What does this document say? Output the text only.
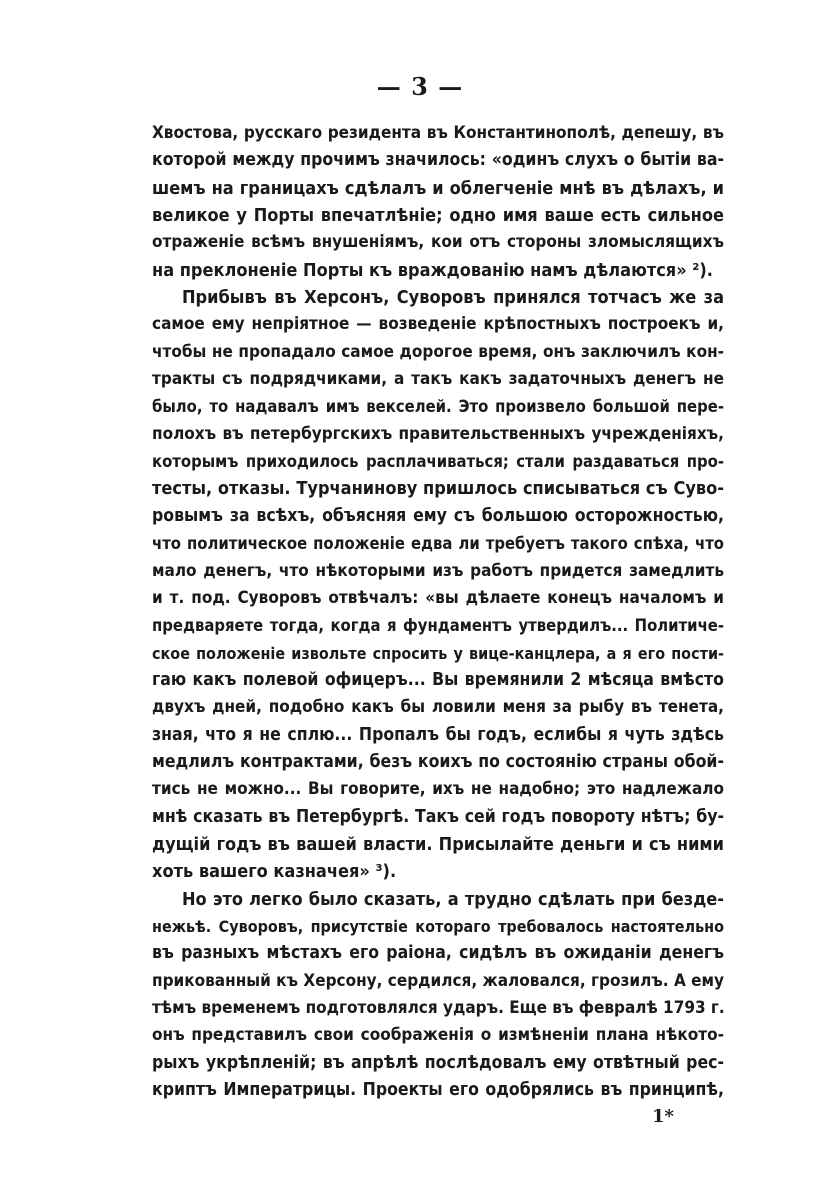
— 3 —
Хвостова, русскаго резидента въ Константинополѣ, депешу, въ
которой между прочимъ значилось: «одинъ слухъ о бытіи ва-
шемъ на границахъ сдѣлалъ и облегченіе мнѣ въ дѣлахъ, и
великое у Порты впечатлѣніе; одно имя ваше есть сильное
отраженіе всѣмъ внушеніямъ, кои отъ стороны зломыслящихъ
на преклоненіе Порты къ враждованію намъ дѣлаются» ²).
Прибывъ въ Херсонъ, Суворовъ принялся тотчасъ же за
самое ему непріятное — возведеніе крѣпостныхъ построекъ и,
чтобы не пропадало самое дорогое время, онъ заключилъ кон-
тракты съ подрядчиками, а такъ какъ задаточныхъ денегъ не
было, то надавалъ имъ векселей. Это произвело большой пере-
полохъ въ петербургскихъ правительственныхъ учрежденіяхъ,
которымъ приходилось расплачиваться; стали раздаваться про-
тесты, отказы. Турчанинову пришлось списываться съ Суво-
ровымъ за всѣхъ, объясняя ему съ большою осторожностью,
что политическое положеніе едва ли требуетъ такого спѣха, что
мало денегъ, что нѣкоторыми изъ работъ придется замедлить
и т. под. Суворовъ отвѣчалъ: «вы дѣлаете конецъ началомъ и
предваряете тогда, когда я фундаментъ утвердилъ... Политиче-
ское положеніе извольте спросить у вице-канцлера, а я его пости-
гаю какъ полевой офицеръ... Вы времянили 2 мѣсяца вмѣсто
двухъ дней, подобно какъ бы ловили меня за рыбу въ тенета,
зная, что я не сплю... Пропалъ бы годъ, еслибы я чуть здѣсь
медлилъ контрактами, безъ коихъ по состоянію страны обой-
тись не можно... Вы говорите, ихъ не надобно; это надлежало
мнѣ сказать въ Петербургѣ. Такъ сей годъ повороту нѣтъ; бу-
дущій годъ въ вашей власти. Присылайте деньги и съ ними
хоть вашего казначея» ³).
Но это легко было сказать, а трудно сдѣлать при безде-
нежьѣ. Суворовъ, присутствіе котораго требовалось настоятельно
въ разныхъ мѣстахъ его раіона, сидѣлъ въ ожиданіи денегъ
прикованный къ Херсону, сердился, жаловался, грозилъ. А ему
тѣмъ временемъ подготовлялся ударъ. Еще въ февралѣ 1793 г.
онъ представилъ свои соображенія о измѣненіи плана нѣкото-
рыхъ укрѣпленій; въ апрѣлѣ послѣдовалъ ему отвѣтный рес-
криптъ Императрицы. Проекты его одобрялись въ принципѣ,
1*
